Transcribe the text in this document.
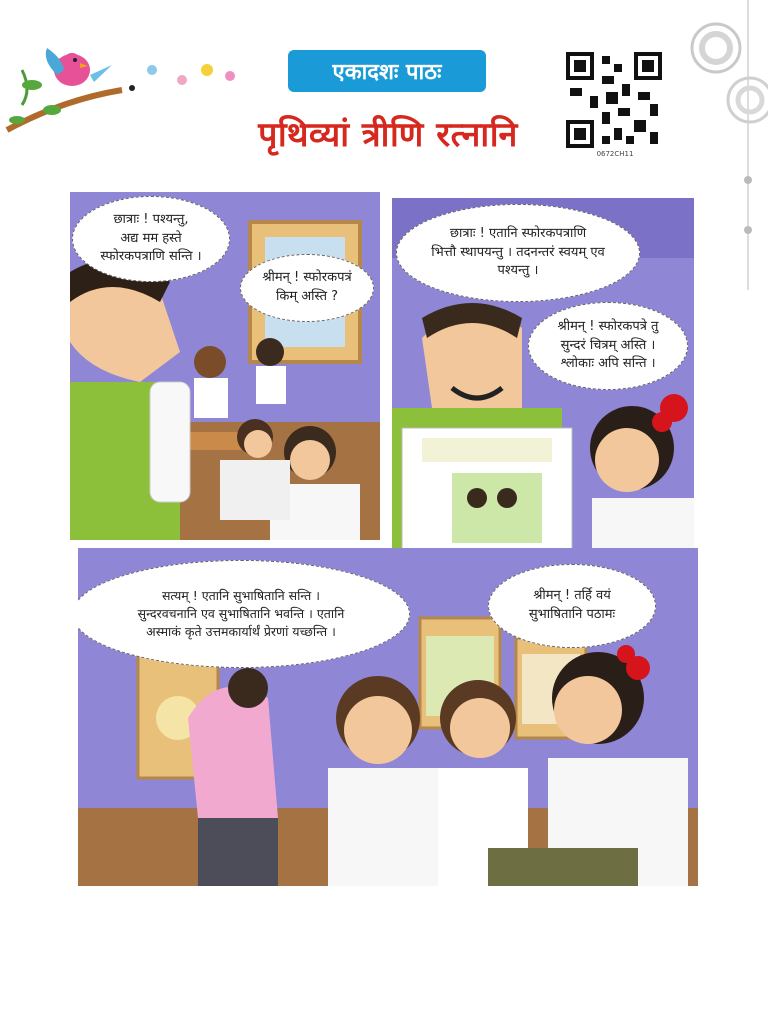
एकादशः पाठः
पृथिव्यां त्रीणि रत्नानि	0672CH11
छात्राः ! पश्यन्तु,
अद्य मम हस्ते
स्फोरकपत्राणि सन्ति ।
श्रीमन् ! स्फोरकपत्रं
किम् अस्ति ?
छात्राः ! एतानि स्फोरकपत्राणि
भित्तौ स्थापयन्तु । तदनन्तरं स्वयम् एव
पश्यन्तु ।
श्रीमन् ! स्फोरकपत्रे तु
सुन्दरं चित्रम् अस्ति ।
श्लोकाः अपि सन्ति ।
सत्यम् ! एतानि सुभाषितानि सन्ति ।
सुन्दरवचनानि एव सुभाषितानि भवन्ति । एतानि
अस्माकं कृते उत्तमकार्यार्थं प्रेरणां यच्छन्ति ।
श्रीमन् ! तर्हि वयं
सुभाषितानि पठामः
